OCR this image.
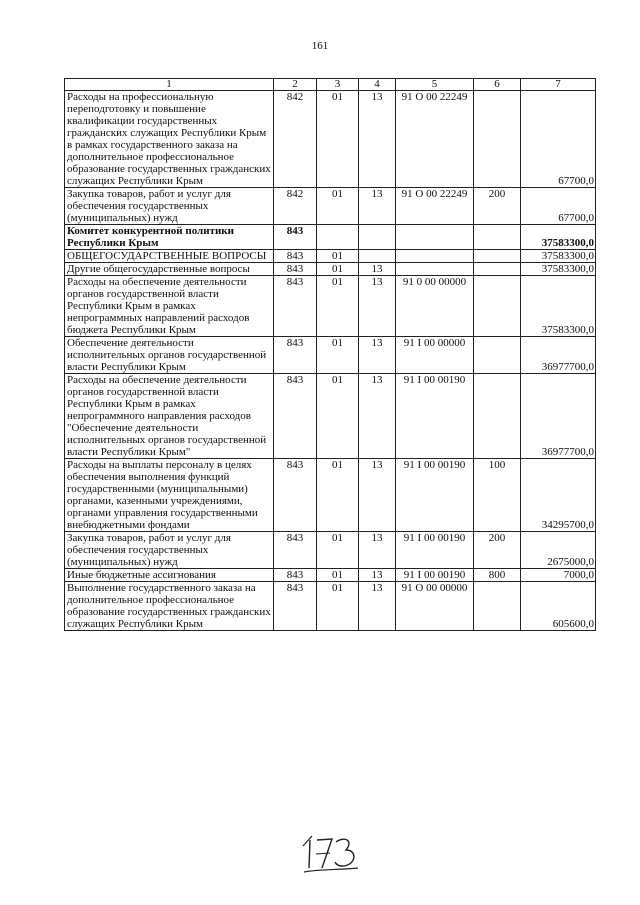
161
1	2	3	4	5	6	7
Расходы на профессиональную переподготовку и повышение квалификации государственных гражданских служащих Республики Крым в рамках государственного заказа на дополнительное профессиональное образование государственных гражданских служащих Республики Крым	842	01	13	91 О 00 22249		67700,0
Закупка товаров, работ и услуг для обеспечения государственных (муниципальных) нужд	842	01	13	91 О 00 22249	200	67700,0
Комитет конкурентной политики Республики Крым	843					37583300,0
ОБЩЕГОСУДАРСТВЕННЫЕ ВОПРОСЫ	843	01				37583300,0
Другие общегосударственные вопросы	843	01	13			37583300,0
Расходы на обеспечение деятельности органов государственной власти Республики Крым в рамках непрограммных направлений расходов бюджета Республики Крым	843	01	13	91 0 00 00000		37583300,0
Обеспечение деятельности исполнительных органов государственной власти Республики Крым	843	01	13	91 I 00 00000		36977700,0
Расходы на обеспечение деятельности органов государственной власти Республики Крым в рамках непрограммного направления расходов "Обеспечение деятельности исполнительных органов государственной власти Республики Крым"	843	01	13	91 I 00 00190		36977700,0
Расходы на выплаты персоналу в целях обеспечения выполнения функций государственными (муниципальными) органами, казенными учреждениями, органами управления государственными внебюджетными фондами	843	01	13	91 I 00 00190	100	34295700,0
Закупка товаров, работ и услуг для обеспечения государственных (муниципальных) нужд	843	01	13	91 I 00 00190	200	2675000,0
Иные бюджетные ассигнования	843	01	13	91 I 00 00190	800	7000,0
Выполнение государственного заказа на дополнительное профессиональное образование государственных гражданских служащих Республики Крым	843	01	13	91 О 00 00000		605600,0
